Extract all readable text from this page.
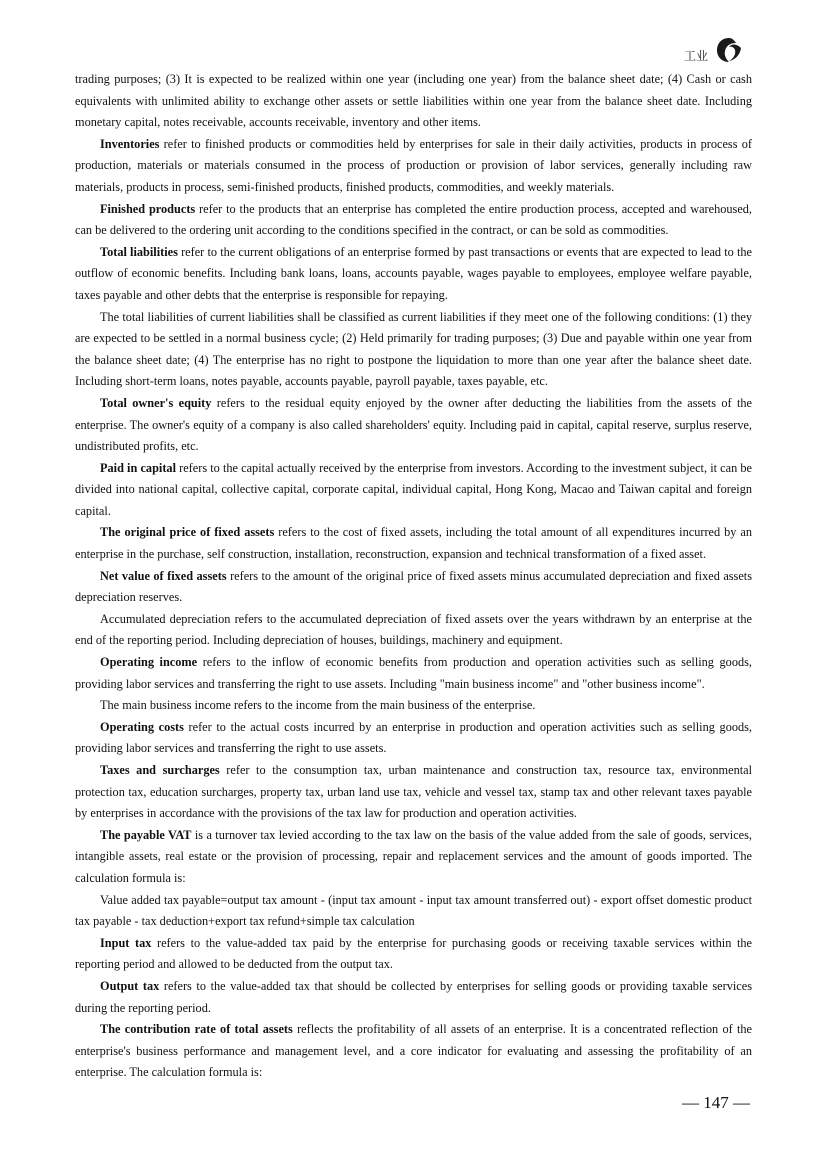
工业

trading purposes; (3) It is expected to be realized within one year (including one year) from the balance sheet date; (4) Cash or cash equivalents with unlimited ability to exchange other assets or settle liabilities within one year from the balance sheet date. Including monetary capital, notes receivable, accounts receivable, inventory and other items.

Inventories refer to finished products or commodities held by enterprises for sale in their daily activities, products in process of production, materials or materials consumed in the process of production or provision of labor services, generally including raw materials, products in process, semi-finished products, finished products, commodities, and weekly materials.

Finished products refer to the products that an enterprise has completed the entire production process, accepted and warehoused, can be delivered to the ordering unit according to the conditions specified in the contract, or can be sold as commodities.

Total liabilities refer to the current obligations of an enterprise formed by past transactions or events that are expected to lead to the outflow of economic benefits. Including bank loans, loans, accounts payable, wages payable to employees, employee welfare payable, taxes payable and other debts that the enterprise is responsible for repaying.

The total liabilities of current liabilities shall be classified as current liabilities if they meet one of the following conditions: (1) they are expected to be settled in a normal business cycle; (2) Held primarily for trading purposes; (3) Due and payable within one year from the balance sheet date; (4) The enterprise has no right to postpone the liquidation to more than one year after the balance sheet date. Including short-term loans, notes payable, accounts payable, payroll payable, taxes payable, etc.

Total owner's equity refers to the residual equity enjoyed by the owner after deducting the liabilities from the assets of the enterprise. The owner's equity of a company is also called shareholders' equity. Including paid in capital, capital reserve, surplus reserve, undistributed profits, etc.

Paid in capital refers to the capital actually received by the enterprise from investors. According to the investment subject, it can be divided into national capital, collective capital, corporate capital, individual capital, Hong Kong, Macao and Taiwan capital and foreign capital.

The original price of fixed assets refers to the cost of fixed assets, including the total amount of all expenditures incurred by an enterprise in the purchase, self construction, installation, reconstruction, expansion and technical transformation of a fixed asset.

Net value of fixed assets refers to the amount of the original price of fixed assets minus accumulated depreciation and fixed assets depreciation reserves.

Accumulated depreciation refers to the accumulated depreciation of fixed assets over the years withdrawn by an enterprise at the end of the reporting period. Including depreciation of houses, buildings, machinery and equipment.

Operating income refers to the inflow of economic benefits from production and operation activities such as selling goods, providing labor services and transferring the right to use assets. Including "main business income" and "other business income".

The main business income refers to the income from the main business of the enterprise.

Operating costs refer to the actual costs incurred by an enterprise in production and operation activities such as selling goods, providing labor services and transferring the right to use assets.

Taxes and surcharges refer to the consumption tax, urban maintenance and construction tax, resource tax, environmental protection tax, education surcharges, property tax, urban land use tax, vehicle and vessel tax, stamp tax and other relevant taxes payable by enterprises in accordance with the provisions of the tax law for production and operation activities.

The payable VAT is a turnover tax levied according to the tax law on the basis of the value added from the sale of goods, services, intangible assets, real estate or the provision of processing, repair and replacement services and the amount of goods imported. The calculation formula is:

Value added tax payable=output tax amount - (input tax amount - input tax amount transferred out) - export offset domestic product tax payable - tax deduction+export tax refund+simple tax calculation

Input tax refers to the value-added tax paid by the enterprise for purchasing goods or receiving taxable services within the reporting period and allowed to be deducted from the output tax.

Output tax refers to the value-added tax that should be collected by enterprises for selling goods or providing taxable services during the reporting period.

The contribution rate of total assets reflects the profitability of all assets of an enterprise. It is a concentrated reflection of the enterprise's business performance and management level, and a core indicator for evaluating and assessing the profitability of an enterprise. The calculation formula is:

— 147 —
